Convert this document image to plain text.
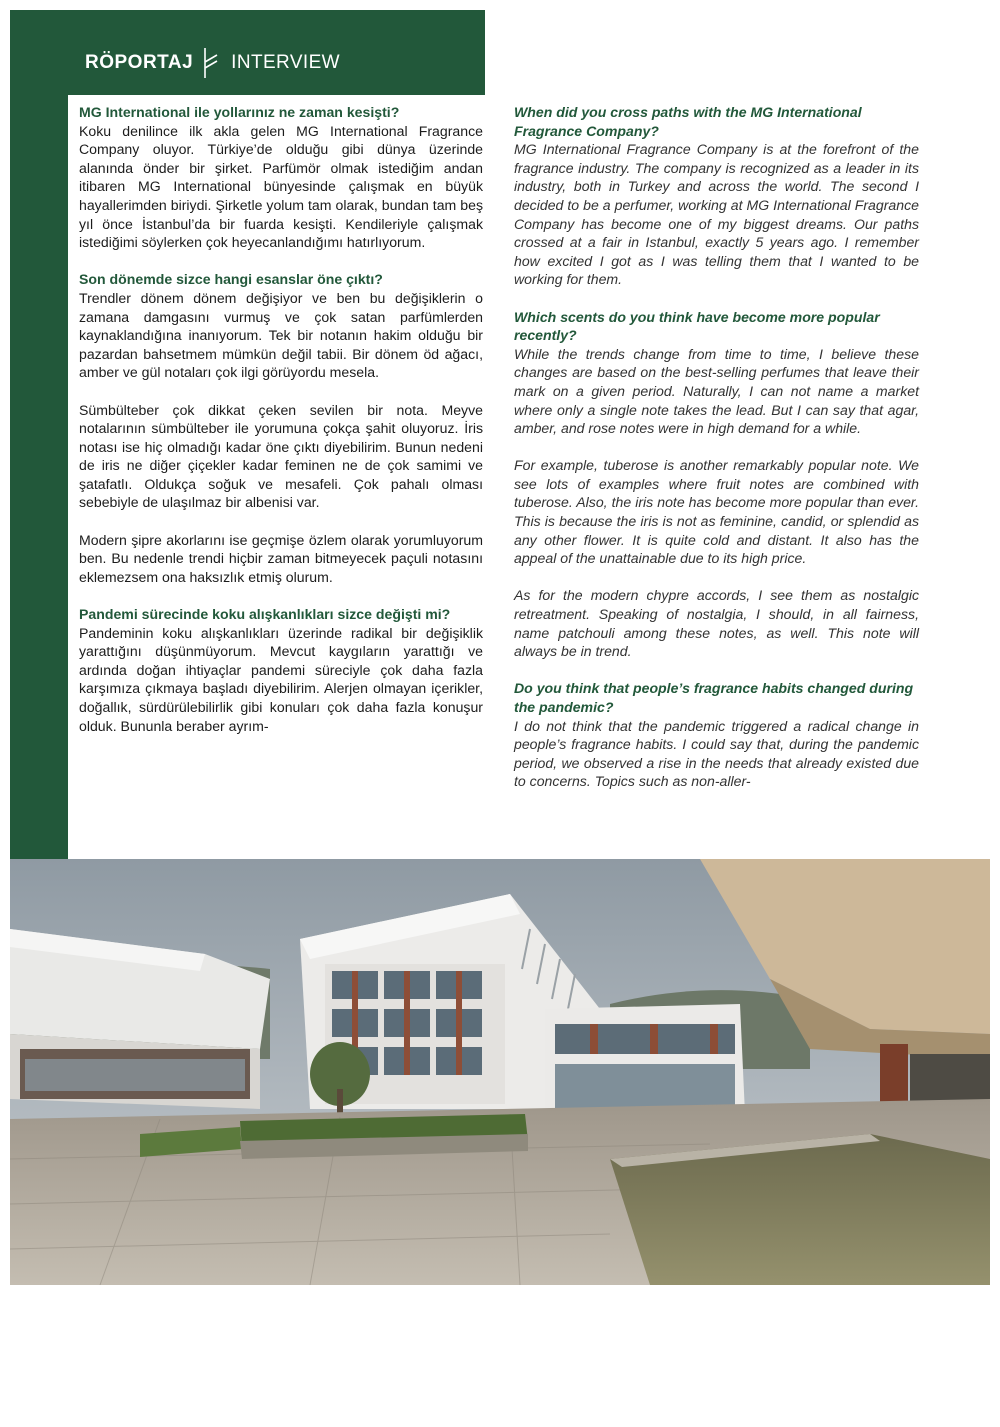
RÖPORTAJ INTERVIEW

MG International ile yollarınız ne zaman kesişti?

Koku denilince ilk akla gelen MG International Fragrance Company oluyor. Türkiye’de olduğu gibi dünya üzerinde alanında önder bir şirket. Parfümör olmak istediğim andan itibaren MG International bünyesinde çalışmak en büyük hayallerimden biriydi. Şirketle yolum tam olarak, bundan tam beş yıl önce İstanbul’da bir fuarda kesişti. Kendileriyle çalışmak istediğimi söylerken çok heyecanlandığımı hatırlıyorum.

Son dönemde sizce hangi esanslar öne çıktı?

Trendler dönem dönem değişiyor ve ben bu değişiklerin o zamana damgasını vurmuş ve çok satan parfümlerden kaynaklandığına inanıyorum. Tek bir notanın hakim olduğu bir pazardan bahsetmem mümkün değil tabii. Bir dönem öd ağacı, amber ve gül notaları çok ilgi görüyordu mesela.

Sümbülteber çok dikkat çeken sevilen bir nota. Meyve notalarının sümbülteber ile yorumuna çokça şahit oluyoruz. İris notası ise hiç olmadığı kadar öne çıktı diyebilirim. Bunun nedeni de iris ne diğer çiçekler kadar feminen ne de çok samimi ve şatafatlı. Oldukça soğuk ve mesafeli. Çok pahalı olması sebebiyle de ulaşılmaz bir albenisi var.

Modern şipre akorlarını ise geçmişe özlem olarak yorumluyorum ben. Bu nedenle trendi hiçbir zaman bitmeyecek paçuli notasını eklemezsem ona haksızlık etmiş olurum.

Pandemi sürecinde koku alışkanlıkları sizce değişti mi?

Pandeminin koku alışkanlıkları üzerinde radikal bir değişiklik yarattığını düşünmüyorum. Mevcut kaygıların yarattığı ve ardında doğan ihtiyaçlar pandemi süreciyle çok daha fazla karşımıza çıkmaya başladı diyebilirim. Alerjen olmayan içerikler, doğallık, sürdürülebilirlik gibi konuları çok daha fazla konuşur olduk. Bununla beraber ayrım-

When did you cross paths with the MG International Fragrance Company?

MG International Fragrance Company is at the forefront of the fragrance industry. The company is recognized as a leader in its industry, both in Turkey and across the world. The second I decided to be a perfumer, working at MG International Fragrance Company has become one of my biggest dreams. Our paths crossed at a fair in Istanbul, exactly 5 years ago. I remember how excited I got as I was telling them that I wanted to be working for them.

Which scents do you think have become more popular recently?

While the trends change from time to time, I believe these changes are based on the best-selling perfumes that leave their mark on a given period. Naturally, I can not name a market where only a single note takes the lead. But I can say that agar, amber, and rose notes were in high demand for a while.

For example, tuberose is another remarkably popular note. We see lots of examples where fruit notes are combined with tuberose. Also, the iris note has become more popular than ever. This is because the iris is not as feminine, candid, or splendid as any other flower. It is quite cold and distant. It also has the appeal of the unattainable due to its high price.

As for the modern chypre accords, I see them as nostalgic retreatment. Speaking of nostalgia, I should, in all fairness, name patchouli among these notes, as well. This note will always be in trend.

Do you think that people’s fragrance habits changed during the pandemic?

I do not think that the pandemic triggered a radical change in people’s fragrance habits. I could say that, during the pandemic period, we observed a rise in the needs that already existed due to concerns. Topics such as non-aller-
